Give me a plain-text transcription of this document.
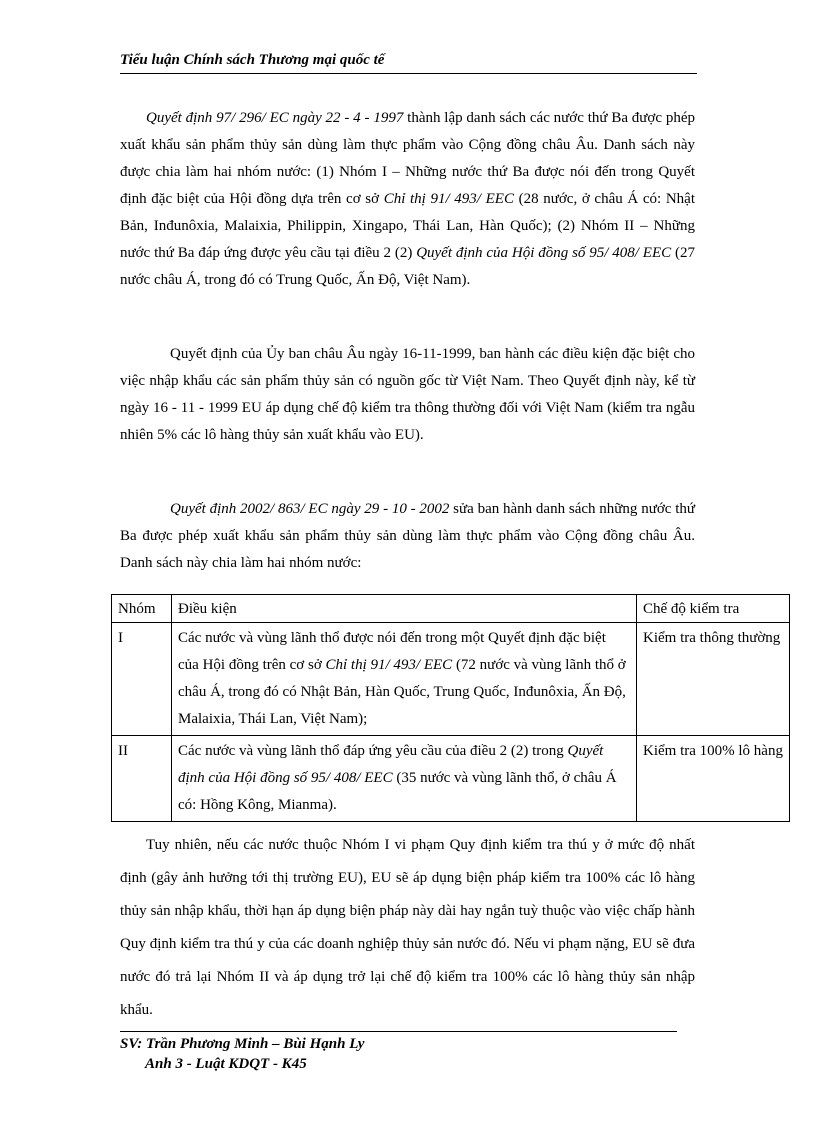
Tiểu luận Chính sách Thương mại quốc tế

Quyết định 97/ 296/ EC ngày 22 - 4 - 1997 thành lập danh sách các nước thứ Ba được phép xuất khẩu sản phẩm thủy sản dùng làm thực phẩm vào Cộng đồng châu Âu. Danh sách này được chia làm hai nhóm nước: (1) Nhóm I – Những nước thứ Ba được nói đến trong Quyết định đặc biệt của Hội đồng dựa trên cơ sở Chỉ thị 91/ 493/ EEC (28 nước, ở châu Á có: Nhật Bản, Inđunôxia, Malaixia, Philippin, Xingapo, Thái Lan, Hàn Quốc); (2) Nhóm II – Những nước thứ Ba đáp ứng được yêu cầu tại điều 2 (2) Quyết định của Hội đồng số 95/ 408/ EEC (27 nước châu Á, trong đó có Trung Quốc, Ấn Độ, Việt Nam).

Quyết định của Ủy ban châu Âu ngày 16-11-1999, ban hành các điều kiện đặc biệt cho việc nhập khẩu các sản phẩm thủy sản có nguồn gốc từ Việt Nam. Theo Quyết định này, kể từ ngày 16 - 11 - 1999 EU áp dụng chế độ kiểm tra thông thường đối với Việt Nam (kiểm tra ngẫu nhiên 5% các lô hàng thủy sản xuất khẩu vào EU).

Quyết định 2002/ 863/ EC ngày 29 - 10 - 2002 sửa ban hành danh sách những nước thứ Ba được phép xuất khẩu sản phẩm thủy sản dùng làm thực phẩm vào Cộng đồng châu Âu. Danh sách này chia làm hai nhóm nước:

Nhóm	Điều kiện	Chế độ kiểm tra
I	Các nước và vùng lãnh thổ được nói đến trong một Quyết định đặc biệt của Hội đồng trên cơ sở Chỉ thị 91/ 493/ EEC (72 nước và vùng lãnh thổ ở châu Á, trong đó có Nhật Bản, Hàn Quốc, Trung Quốc, Inđunôxia, Ấn Độ, Malaixia, Thái Lan, Việt Nam);	Kiểm tra thông thường
II	Các nước và vùng lãnh thổ đáp ứng yêu cầu của điều 2 (2) trong Quyết định của Hội đồng số 95/ 408/ EEC (35 nước và vùng lãnh thổ, ở châu Á có: Hồng Kông, Mianma).	Kiểm tra 100% lô hàng

Tuy nhiên, nếu các nước thuộc Nhóm I vi phạm Quy định kiểm tra thú y ở mức độ nhất định (gây ảnh hưởng tới thị trường EU), EU sẽ áp dụng biện pháp kiểm tra 100% các lô hàng thủy sản nhập khẩu, thời hạn áp dụng biện pháp này dài hay ngắn tuỳ thuộc vào việc chấp hành Quy định kiểm tra thú y của các doanh nghiệp thủy sản nước đó. Nếu vi phạm nặng, EU sẽ đưa nước đó trả lại Nhóm II và áp dụng trở lại chế độ kiểm tra 100% các lô hàng thủy sản nhập khẩu.

SV: Trần Phương Minh – Bùi Hạnh Ly
Anh 3 - Luật KDQT - K45
